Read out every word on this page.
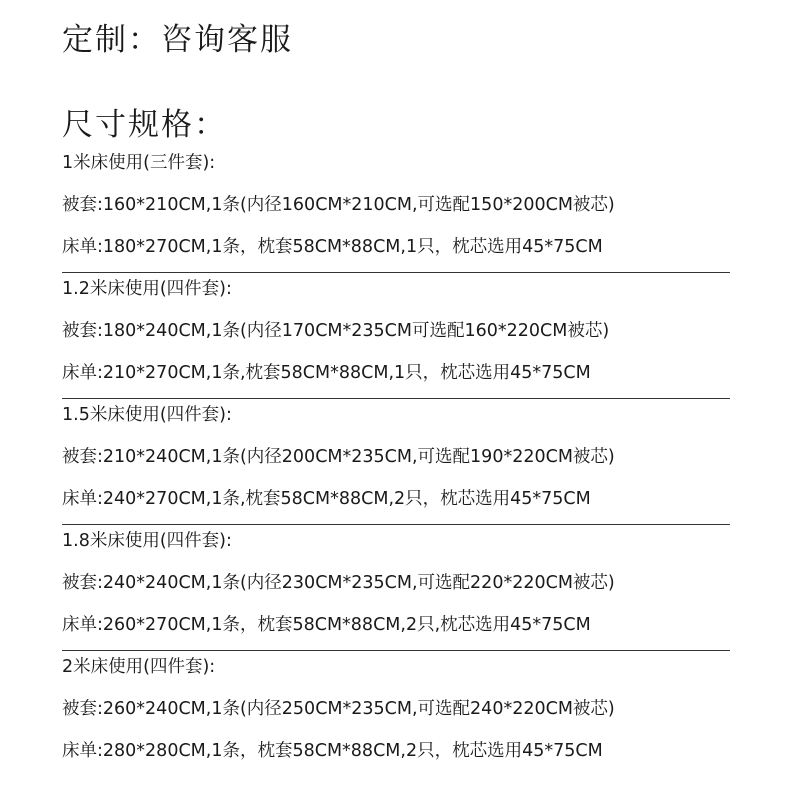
定制：咨询客服
尺寸规格：
1米床使用(三件套):
被套:160*210CM,1条(内径160CM*210CM,可选配150*200CM被芯)
床单:180*270CM,1条，枕套58CM*88CM,1只，枕芯选用45*75CM
1.2米床使用(四件套):
被套:180*240CM,1条(内径170CM*235CM可选配160*220CM被芯)
床单:210*270CM,1条,枕套58CM*88CM,1只，枕芯选用45*75CM
1.5米床使用(四件套):
被套:210*240CM,1条(内径200CM*235CM,可选配190*220CM被芯)
床单:240*270CM,1条,枕套58CM*88CM,2只，枕芯选用45*75CM
1.8米床使用(四件套):
被套:240*240CM,1条(内径230CM*235CM,可选配220*220CM被芯)
床单:260*270CM,1条，枕套58CM*88CM,2只,枕芯选用45*75CM
2米床使用(四件套):
被套:260*240CM,1条(内径250CM*235CM,可选配240*220CM被芯)
床单:280*280CM,1条，枕套58CM*88CM,2只，枕芯选用45*75CM
